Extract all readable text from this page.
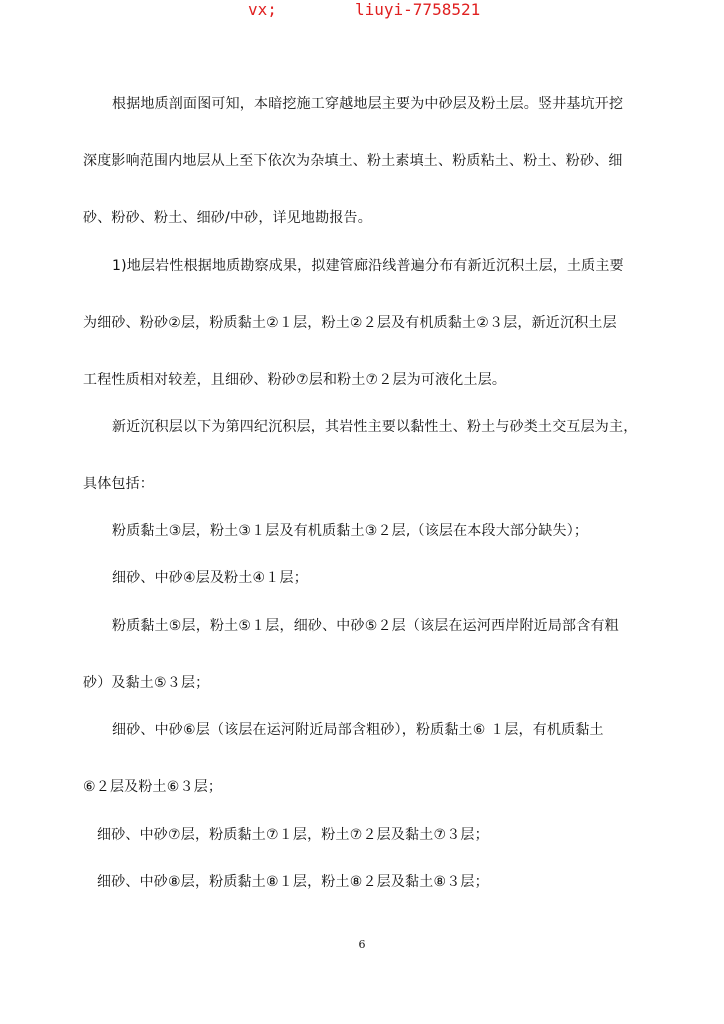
vx;	liuyi-7758521
根据地质剖面图可知，本暗挖施工穿越地层主要为中砂层及粉土层。竖井基坑开挖
深度影响范围内地层从上至下依次为杂填土、粉土素填土、粉质粘土、粉土、粉砂、细
砂、粉砂、粉土、细砂/中砂，详见地勘报告。
1)地层岩性根据地质勘察成果，拟建管廊沿线普遍分布有新近沉积土层，土质主要
为细砂、粉砂②层，粉质黏土②１层，粉土②２层及有机质黏土②３层，新近沉积土层
工程性质相对较差，且细砂、粉砂⑦层和粉土⑦２层为可液化土层。
新近沉积层以下为第四纪沉积层，其岩性主要以黏性土、粉土与砂类土交互层为主，
具体包括：
粉质黏土③层，粉土③１层及有机质黏土③２层,（该层在本段大部分缺失）；
细砂、中砂④层及粉土④１层；
粉质黏土⑤层，粉土⑤１层，细砂、中砂⑤２层（该层在运河西岸附近局部含有粗
砂）及黏土⑤３层；
细砂、中砂⑥层（该层在运河附近局部含粗砂），粉质黏土⑥ １层，有机质黏土
⑥２层及粉土⑥３层；
细砂、中砂⑦层，粉质黏土⑦１层，粉土⑦２层及黏土⑦３层；
细砂、中砂⑧层，粉质黏土⑧１层，粉土⑧２层及黏土⑧３层；
6
